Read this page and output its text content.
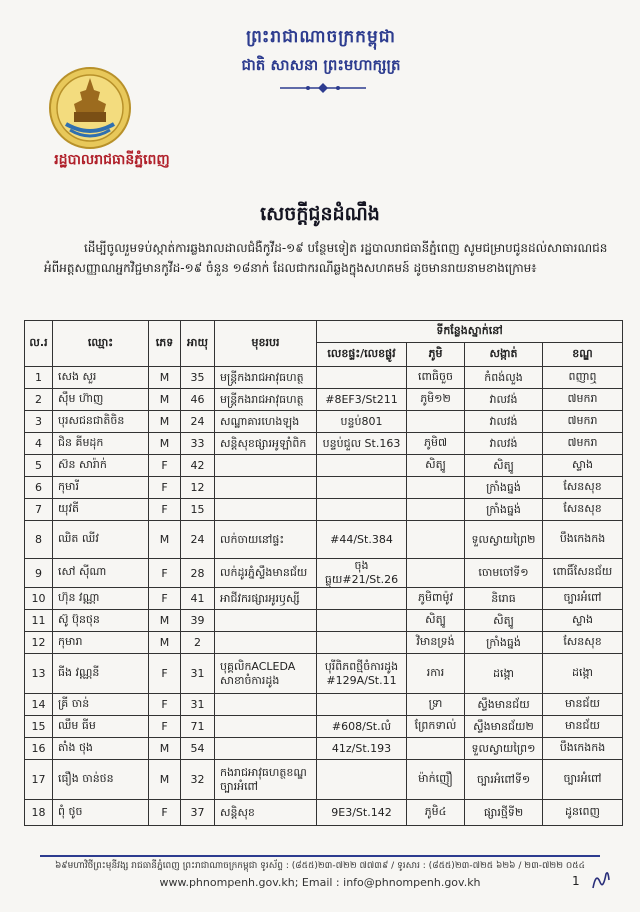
ព្រះរាជាណាចក្រកម្ពុជា
ជាតិ សាសនា ព្រះមហាក្សត្រ
រដ្ឋបាលរាជធានីភ្នំពេញ
សេចក្ដីជូនដំណឹង
ដើម្បីចូលរួមទប់ស្កាត់ការឆ្លងរាលដាលជំងឺកូវីដ-១៩ បន្ថែមទៀត រដ្ឋបាលរាជធានីភ្នំពេញ សូមជម្រាបជូនដល់សាធារណជនអំពីអត្តសញ្ញាណអ្នកវិជ្ជមានកូវីដ-១៩ ចំនួន ១៨នាក់ ដែលជាករណីឆ្លងក្នុងសហគមន៍ ដូចមានរាយនាមខាងក្រោម៖
ល.រ	ឈ្មោះ	ភេទ	អាយុ	មុខរបរ	ទីកន្លែងស្នាក់នៅ			
					លេខផ្ទះ/លេខផ្លូវ	ភូមិ	សង្កាត់	ខណ្ឌ
1	សេង សួរ	M	35	មន្ត្រីកងរាជអាវុធហត្ថ		ពោធិចួច	កំពង់លួង	ពញាឮ
2	ស៊ឹម ហ៊ាញ	M	46	មន្ត្រីកងរាជអាវុធហត្ថ	#8EF3/St211	ភូមិ១២	វាលវង់	៧មករា
3	បុរសជនជាតិចិន	M	24	សណ្ឋាគារហេងឡុង	បន្ទប់801		វាលវង់	៧មករា
4	ជិន គីមដុក	M	33	សន្តិសុខផ្សារអូឡាំពិក	បន្ទប់ជួល St.163	ភូមិ៧	វាលវង់	៧មករា
5	ស៊ន សារ៉ាក់	F	42			សិត្បូ	សិត្បូ	ស្ទាង
6	កុមារី	F	12				ក្រាំងធ្នង់	សែនសុខ
7	យុវតី	F	15				ក្រាំងធ្នង់	សែនសុខ
8	ឈិត ឈីវ	M	24	លក់ចាយនៅផ្ទះ	#44/St.384		ទួលស្វាយព្រៃ២	បឹងកេងកង
9	សៅ ស៊ីណា	F	28	លក់ដូរភ្នំស្ទឹងមានជ័យ	ចុងធ្លុយ#21/St.26		ចោមចៅទី១	ពោធិ៍សែនជ័យ
10	ហ៊ុន វណ្ណា	F	41	អាជីវករផ្សារអូរឫស្សី		ភូមិពាម៉ូវ	និរោធ	ច្បារអំពៅ
11	ស៊ូ ប៊ុនថុន	M	39			សិត្បូ	សិត្បូ	ស្ទាង
12	កុមារា	M	2			វិមានទ្រង់	ក្រាំងធ្នង់	សែនសុខ
13	ធីង វណ្ណនី	F	31	បុគ្គលិកACLEDA សាខាចំការដូង	បុរីពិភពថ្មីចំការដូង #129A/St.11	រការ	ដង្កោ	ដង្កោ
14	គ្រី ចាន់	F	31			ទ្រា	ស្ទឹងមានជ័យ	មានជ័យ
15	ឈឹម ធីម	F	71		#608/St.លំ	ព្រែកទាល់	ស្ទឹងមានជ័យ២	មានជ័យ
16	តាំង ថុង	M	54		41z/St.193		ទួលស្វាយព្រៃ១	បឹងកេងកង
17	ធឿង ចាន់ថន	M	32	កងរាជអាវុធហត្ថខណ្ឌ ច្បារអំពៅ		ម៉ាក់ញឿ	ច្បារអំពៅទី១	ច្បារអំពៅ
18	ពុំ ថូច	F	37	សន្តិសុខ	9E3/St.142	ភូមិ៤	ផ្សារថ្មីទី២	ដូនពេញ
៦៩មហាវិថីព្រះមុនីវង្ស រាជធានីភ្នំពេញ ព្រះរាជាណាចក្រកម្ពុជា ទូរស័ព្ទ : (៨៥៥)២៣-៧២២ ៧៧៣៩ / ទូរសារ : (៨៥៥)២៣-៧២៥ ៦២៦ / ២៣-៧២២ ០៥៤
www.phnompenh.gov.kh; Email : info@phnompenh.gov.kh	1
